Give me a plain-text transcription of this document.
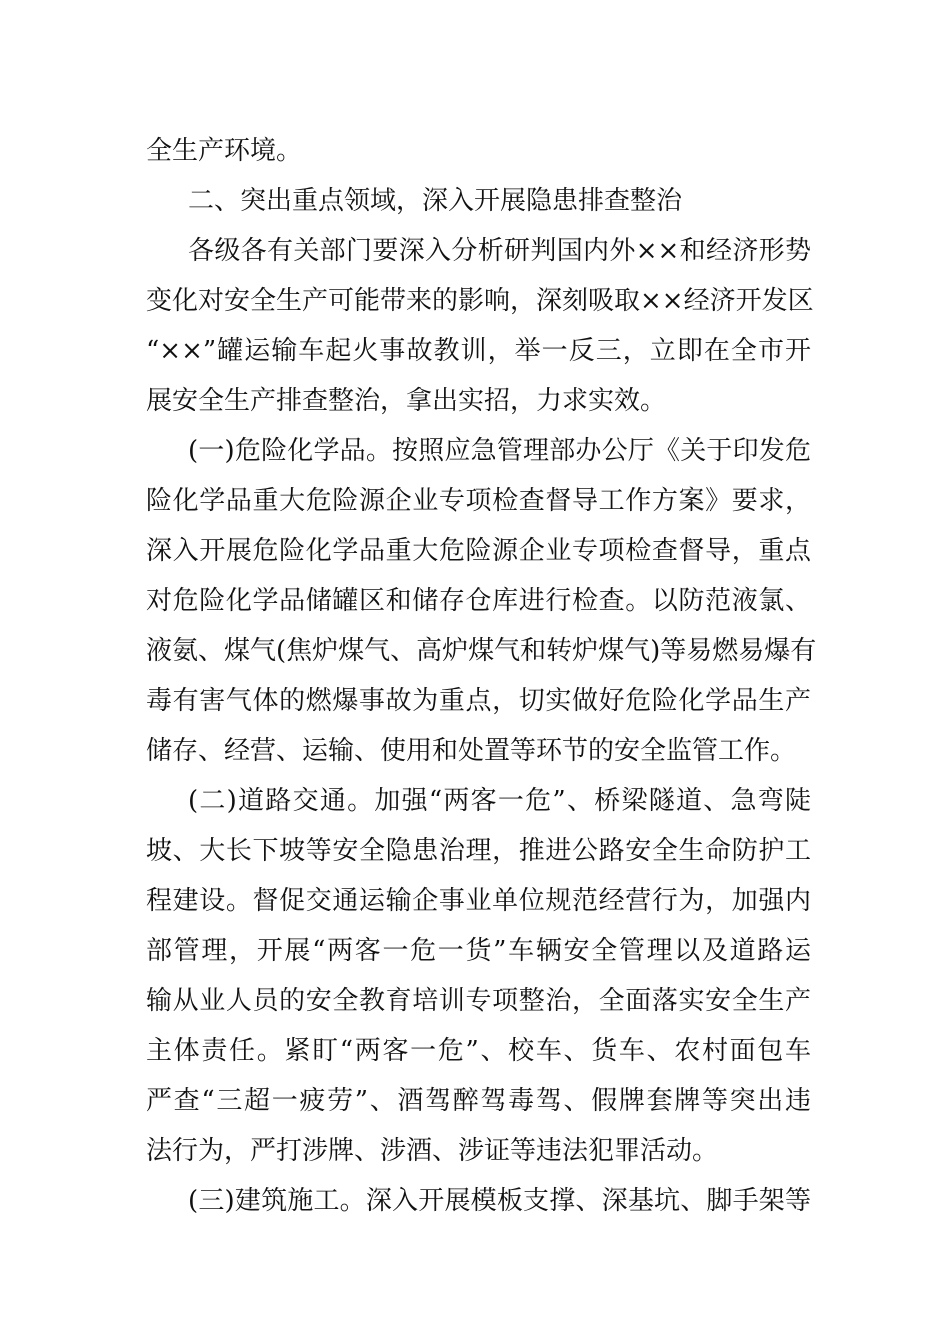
全生产环境。
二、突出重点领域，深入开展隐患排查整治
各级各有关部门要深入分析研判国内外××和经济形势
变化对安全生产可能带来的影响，深刻吸取××经济开发区
“××”罐运输车起火事故教训，举一反三，立即在全市开
展安全生产排查整治，拿出实招，力求实效。
(一)危险化学品。按照应急管理部办公厅《关于印发危
险化学品重大危险源企业专项检查督导工作方案》要求，
深入开展危险化学品重大危险源企业专项检查督导，重点
对危险化学品储罐区和储存仓库进行检查。以防范液氯、
液氨、煤气(焦炉煤气、高炉煤气和转炉煤气)等易燃易爆有
毒有害气体的燃爆事故为重点，切实做好危险化学品生产
储存、经营、运输、使用和处置等环节的安全监管工作。
(二)道路交通。加强“两客一危”、桥梁隧道、急弯陡
坡、大长下坡等安全隐患治理，推进公路安全生命防护工
程建设。督促交通运输企事业单位规范经营行为，加强内
部管理，开展“两客一危一货”车辆安全管理以及道路运
输从业人员的安全教育培训专项整治，全面落实安全生产
主体责任。紧盯“两客一危”、校车、货车、农村面包车
严查“三超一疲劳”、酒驾醉驾毒驾、假牌套牌等突出违
法行为，严打涉牌、涉酒、涉证等违法犯罪活动。
(三)建筑施工。深入开展模板支撑、深基坑、脚手架等
